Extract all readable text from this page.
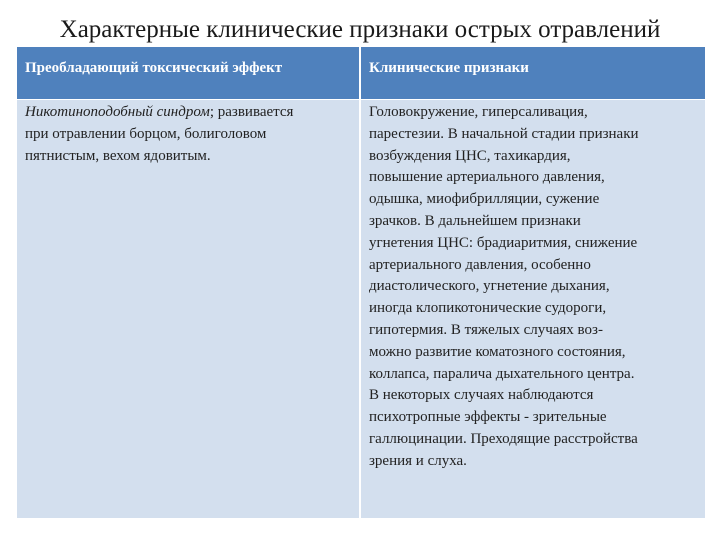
Характерные клинические признаки острых отравлений
Преобладающий токсический эффект	Клинические признаки
Никотиноподобный синдром; развивается
при отравлении борцом, болиголовом
пятнистым, вехом ядовитым.
Головокружение, гиперсаливация,
парестезии. В начальной стадии признаки
возбуждения ЦНС, тахикардия,
повышение артериального давления,
одышка, миофибрилляции, сужение
зрачков. В дальнейшем признаки
угнетения ЦНС: брадиаритмия, снижение
артериального давления, особенно
диастолического, угнетение дыхания,
иногда клопикотонические судороги,
гипотермия. В тяжелых случаях воз-
можно развитие коматозного состояния,
коллапса, паралича дыхательного центра.
В некоторых случаях наблюдаются
психотропные эффекты - зрительные
галлюцинации. Преходящие расстройства
зрения и слуха.
